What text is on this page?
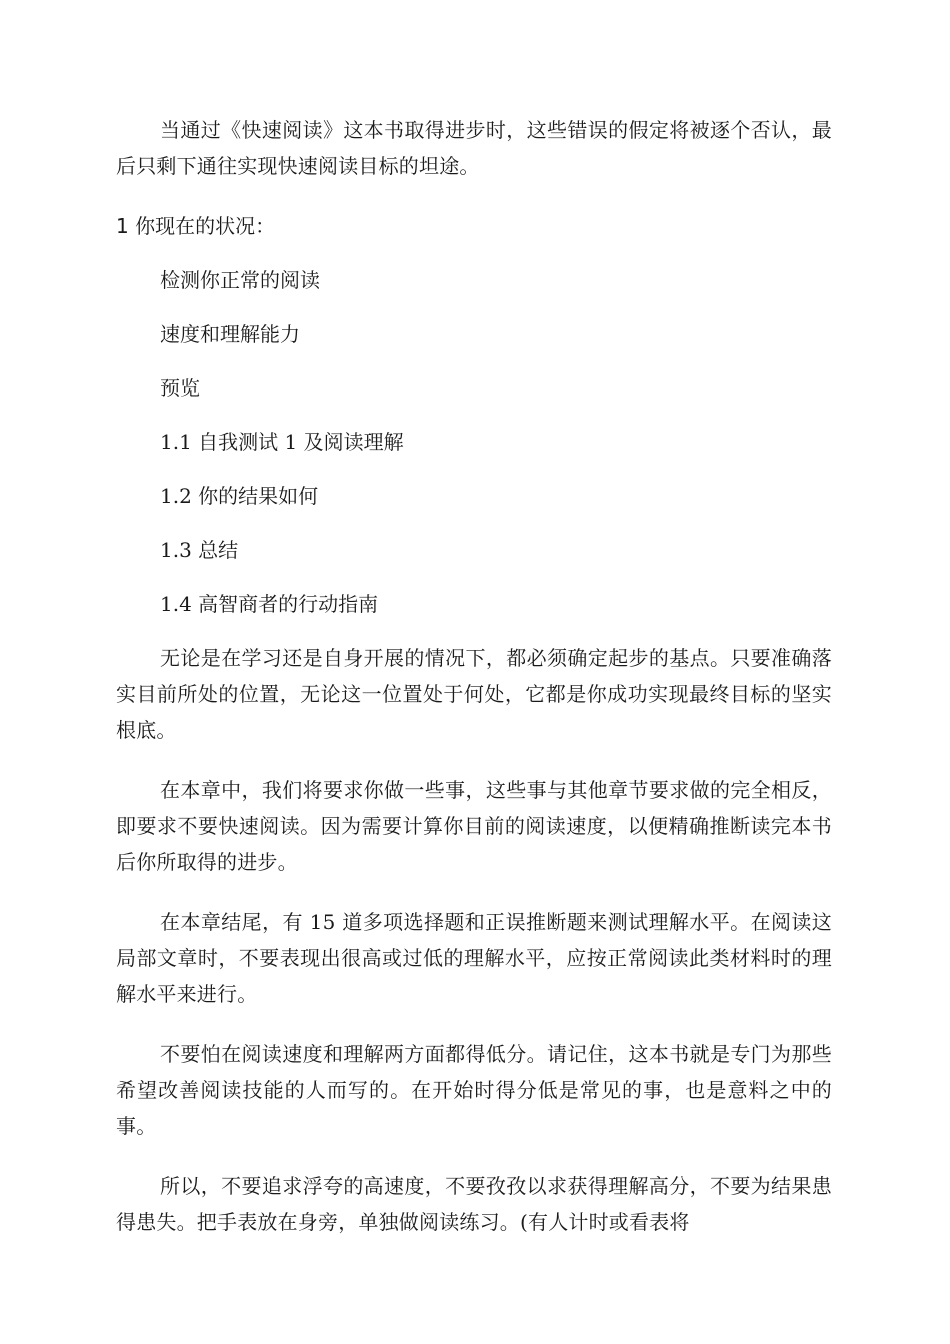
当通过《快速阅读》这本书取得进步时，这些错误的假定将被逐个否认，最后只剩下通往实现快速阅读目标的坦途。

1 你现在的状况：

检测你正常的阅读

速度和理解能力

预览

1.1 自我测试 1 及阅读理解

1.2 你的结果如何

1.3 总结

1.4 高智商者的行动指南

无论是在学习还是自身开展的情况下，都必须确定起步的基点。只要准确落实目前所处的位置，无论这一位置处于何处，它都是你成功实现最终目标的坚实根底。

在本章中，我们将要求你做一些事，这些事与其他章节要求做的完全相反，即要求不要快速阅读。因为需要计算你目前的阅读速度，以便精确推断读完本书后你所取得的进步。

在本章结尾，有 15 道多项选择题和正误推断题来测试理解水平。在阅读这局部文章时，不要表现出很高或过低的理解水平，应按正常阅读此类材料时的理解水平来进行。

不要怕在阅读速度和理解两方面都得低分。请记住，这本书就是专门为那些希望改善阅读技能的人而写的。在开始时得分低是常见的事，也是意料之中的事。

所以，不要追求浮夸的高速度，不要孜孜以求获得理解高分，不要为结果患得患失。把手表放在身旁，单独做阅读练习。(有人计时或看表将
